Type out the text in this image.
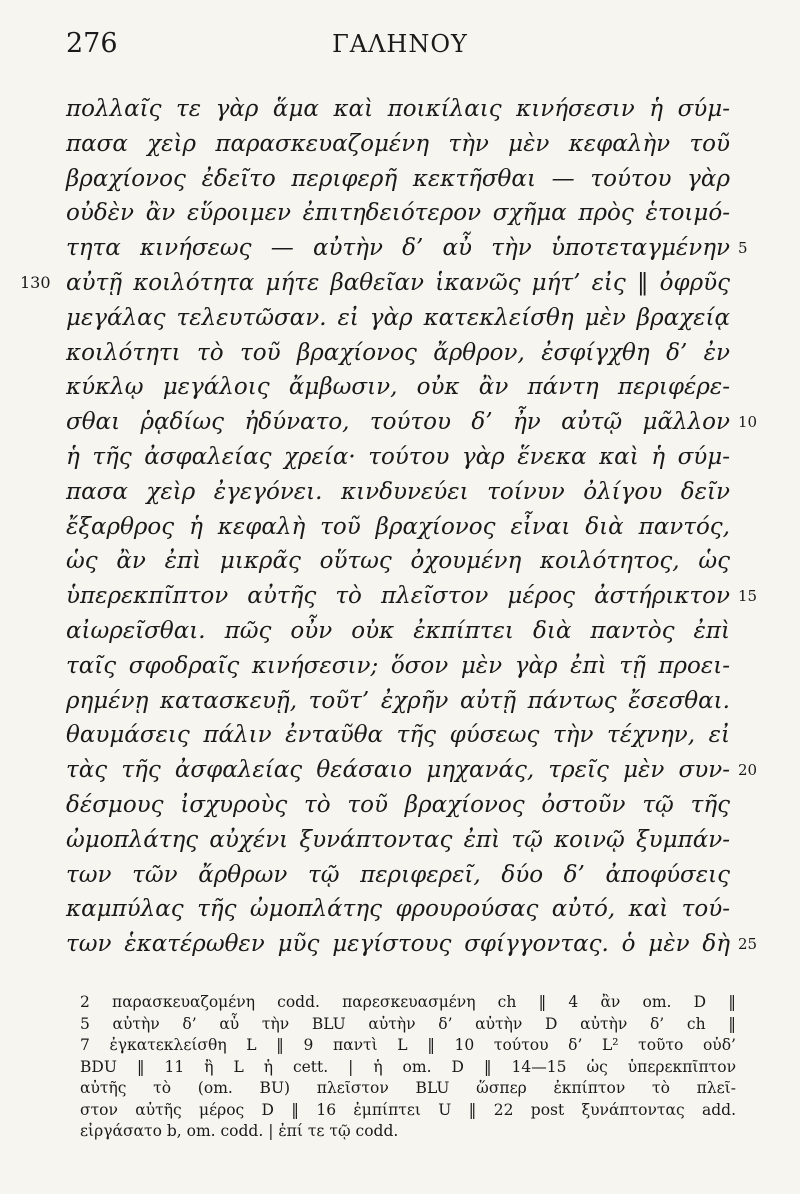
276	ΓΑΛΗΝΟΥ
πολλαῖς τε γὰρ ἅμα καὶ ποικίλαις κινήσεσιν ἡ σύμ-
πασα χεὶρ παρασκευαζομένη τὴν μὲν κεφαλὴν τοῦ
βραχίονος ἐδεῖτο περιφερῆ κεκτῆσθαι — τούτου γὰρ
οὐδὲν ἂν εὕροιμεν ἐπιτηδειότερον σχῆμα πρὸς ἑτοιμό-
τητα κινήσεως — αὐτὴν δ’ αὖ τὴν ὑποτεταγμένην 5
αὐτῇ κοιλότητα μήτε βαθεῖαν ἱκανῶς μήτ’ εἰς ‖ ὀφρῦς
130
μεγάλας τελευτῶσαν. εἰ γὰρ κατεκλείσθη μὲν βραχείᾳ
κοιλότητι τὸ τοῦ βραχίονος ἄρθρον, ἐσφίγχθη δ’ ἐν
κύκλῳ μεγάλοις ἄμβωσιν, οὐκ ἂν πάντη περιφέρε-
σθαι ῥᾳδίως ἠδύνατο, τούτου δ’ ἦν αὐτῷ μᾶλλον 10
ἡ τῆς ἀσφαλείας χρεία· τούτου γὰρ ἕνεκα καὶ ἡ σύμ-
πασα χεὶρ ἐγεγόνει. κινδυνεύει τοίνυν ὀλίγου δεῖν
ἔξαρθρος ἡ κεφαλὴ τοῦ βραχίονος εἶναι διὰ παντός,
ὡς ἂν ἐπὶ μικρᾶς οὕτως ὀχουμένη κοιλότητος, ὡς
ὑπερεκπῖπτον αὐτῆς τὸ πλεῖστον μέρος ἀστήρικτον 15
αἰωρεῖσθαι. πῶς οὖν οὐκ ἐκπίπτει διὰ παντὸς ἐπὶ
ταῖς σφοδραῖς κινήσεσιν; ὅσον μὲν γὰρ ἐπὶ τῇ προει-
ρημένῃ κατασκευῇ, τοῦτ’ ἐχρῆν αὐτῇ πάντως ἔσεσθαι.
θαυμάσεις πάλιν ἐνταῦθα τῆς φύσεως τὴν τέχνην, εἰ
τὰς τῆς ἀσφαλείας θεάσαιο μηχανάς, τρεῖς μὲν συν- 20
δέσμους ἰσχυροὺς τὸ τοῦ βραχίονος ὀστοῦν τῷ τῆς
ὠμοπλάτης αὐχένι ξυνάπτοντας ἐπὶ τῷ κοινῷ ξυμπάν-
των τῶν ἄρθρων τῷ περιφερεῖ, δύο δ’ ἀποφύσεις
καμπύλας τῆς ὠμοπλάτης φρουρούσας αὐτό, καὶ τού-
των ἑκατέρωθεν μῦς μεγίστους σφίγγοντας. ὁ μὲν δὴ 25
2 παρασκευαζομένη codd. παρεσκευασμένη ch ‖ 4 ἂν om. D ‖
5 αὐτὴν δ’ αὖ τὴν BLU αὐτὴν δ’ αὐτὴν D αὐτὴν δ’ ch ‖
7 ἐγκατεκλείσθη L ‖ 9 παντὶ L ‖ 10 τούτου δ’ L² τοῦτο οὐδ’
BDU ‖ 11 ἢ L ἡ cett. | ἡ om. D ‖ 14—15 ὡς ὑπερεκπῖπτον
αὐτῆς τὸ (om. BU) πλεῖστον BLU ὥσπερ ἐκπίπτον τὸ πλεῖ-
στον αὐτῆς μέρος D ‖ 16 ἐμπίπτει U ‖ 22 post ξυνάπτοντας add.
εἰργάσατο b, om. codd. | ἐπί τε τῷ codd.
